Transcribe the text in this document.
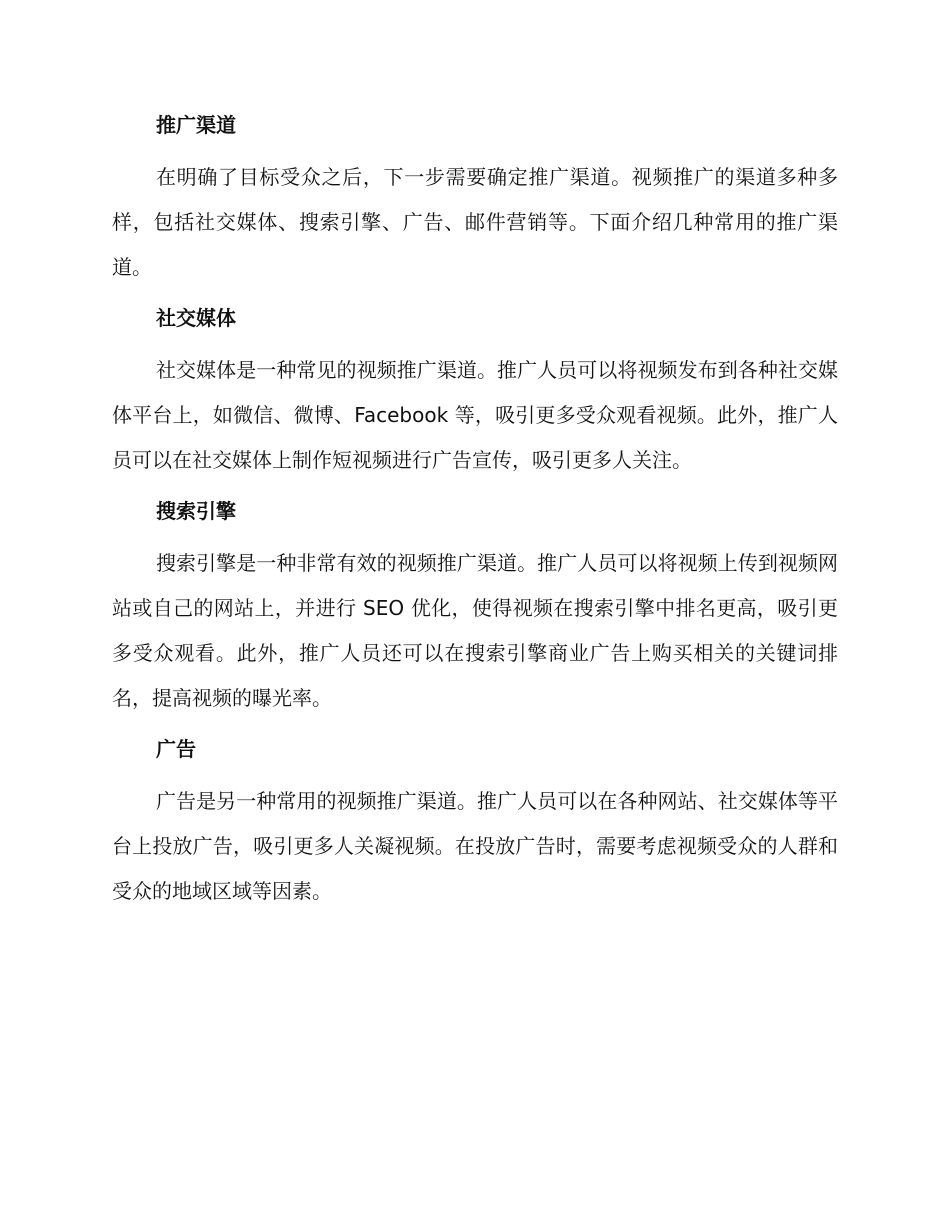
推广渠道

在明确了目标受众之后，下一步需要确定推广渠道。视频推广的渠道多种多样，包括社交媒体、搜索引擎、广告、邮件营销等。下面介绍几种常用的推广渠道。

社交媒体

社交媒体是一种常见的视频推广渠道。推广人员可以将视频发布到各种社交媒体平台上，如微信、微博、Facebook 等，吸引更多受众观看视频。此外，推广人员可以在社交媒体上制作短视频进行广告宣传，吸引更多人关注。

搜索引擎

搜索引擎是一种非常有效的视频推广渠道。推广人员可以将视频上传到视频网站或自己的网站上，并进行 SEO 优化，使得视频在搜索引擎中排名更高，吸引更多受众观看。此外，推广人员还可以在搜索引擎商业广告上购买相关的关键词排名，提高视频的曝光率。

广告

广告是另一种常用的视频推广渠道。推广人员可以在各种网站、社交媒体等平台上投放广告，吸引更多人关凝视频。在投放广告时，需要考虑视频受众的人群和受众的地域区域等因素。
